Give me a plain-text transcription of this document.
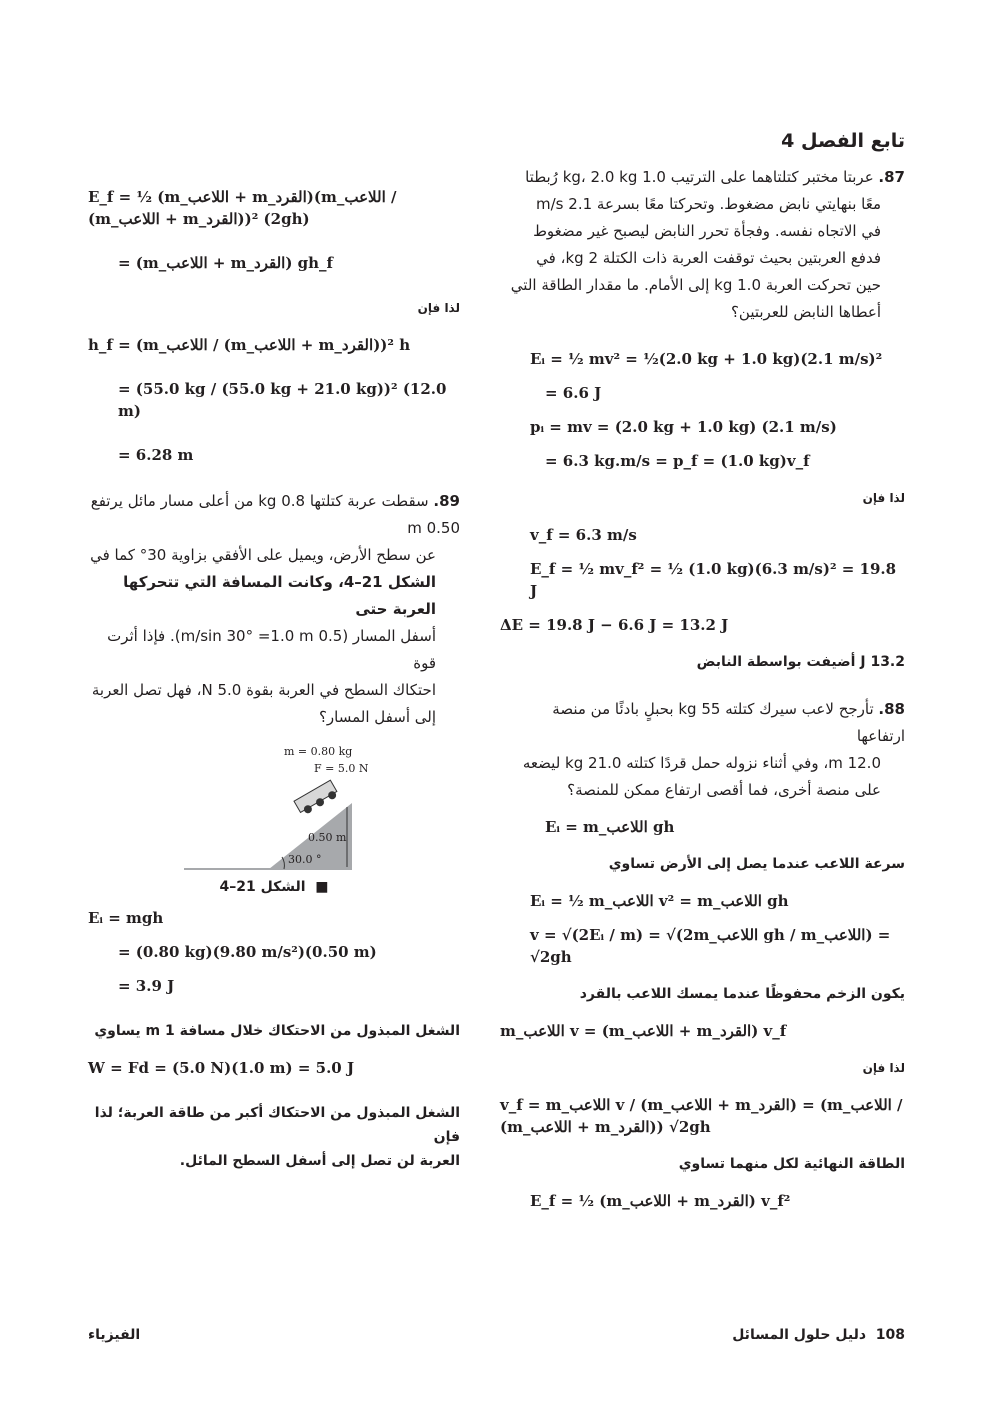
E_f = ½ (m_اللاعب + m_القرد)(m_اللاعب / (m_اللاعب + m_القرد))² (2gh)
= (m_اللاعب + m_القرد) gh_f
لذا فإن
h_f = (m_اللاعب / (m_اللاعب + m_القرد))² h
= (55.0 kg / (55.0 kg + 21.0 kg))² (12.0 m)
= 6.28 m
89. سقطت عربة كتلتها 0.8 kg من أعلى مسار مائل يرتفع 0.50 m
عن سطح الأرض، ويميل على الأفقي بزاوية 30° كما في
الشكل 21–4، وكانت المسافة التي تتحركها العربة حتى
أسفل المسار (0.5 m/sin 30° =1.0 m). فإذا أثرت قوة
احتكاك السطح في العربة بقوة 5.0 N، فهل تصل العربة
إلى أسفل المسار؟
m = 0.80 kg
F = 5.0 N
0.50 m
30.0 °
■  الشكل 21–4
Eᵢ = mgh
= (0.80 kg)(9.80 m/s²)(0.50 m)
= 3.9 J
الشغل المبذول من الاحتكاك خلال مسافة 1 m يساوي
W = Fd = (5.0 N)(1.0 m) = 5.0 J
الشغل المبذول من الاحتكاك أكبر من طاقة العربة؛ لذا فإن
العربة لن تصل إلى أسفل السطح المائل.
تابع الفصل 4
87. عربتا مختبر كتلتاهما على الترتيب 1.0 kg، 2.0 kg رُبطتا
معًا بنهايتي نابض مضغوط. وتحركتا معًا بسرعة 2.1 m/s
في الاتجاه نفسه. وفجأة تحرر النابض ليصبح غير مضغوط
فدفع العربتين بحيث توقفت العربة ذات الكتلة 2 kg، في
حين تحركت العربة 1.0 kg إلى الأمام. ما مقدار الطاقة التي
أعطاها النابض للعربتين؟
Eᵢ = ½ mv² = ½(2.0 kg + 1.0 kg)(2.1 m/s)²
= 6.6 J
pᵢ = mv = (2.0 kg + 1.0 kg) (2.1 m/s)
= 6.3 kg.m/s = p_f = (1.0 kg)v_f
لذا فإن
v_f = 6.3 m/s
E_f = ½ mv_f² = ½ (1.0 kg)(6.3 m/s)² = 19.8 J
ΔE = 19.8 J − 6.6 J = 13.2 J
13.2 J أضيفت بواسطة النابض
88. تأرجح لاعب سيرك كتلته 55 kg بحبلٍ بادئًا من منصة ارتفاعها
12.0 m، وفي أثناء نزوله حمل قردًا كتلته 21.0 kg ليضعه
على منصة أخرى، فما أقصى ارتفاع ممكن للمنصة؟
Eᵢ = m_اللاعب gh
سرعة اللاعب عندما يصل إلى الأرض تساوي
Eᵢ = ½ m_اللاعب v² = m_اللاعب gh
v = √(2Eᵢ / m) = √(2m_اللاعب gh / m_اللاعب) = √2gh
يكون الزخم محفوظًا عندما يمسك اللاعب بالقرد
m_اللاعب v = (m_اللاعب + m_القرد) v_f
لذا فإن
v_f = m_اللاعب v / (m_اللاعب + m_القرد) = (m_اللاعب / (m_اللاعب + m_القرد)) √2gh
الطاقة النهائية لكل منهما تساوي
E_f = ½ (m_اللاعب + m_القرد) v_f²
الفيزياء	108  دليل حلول المسائل
